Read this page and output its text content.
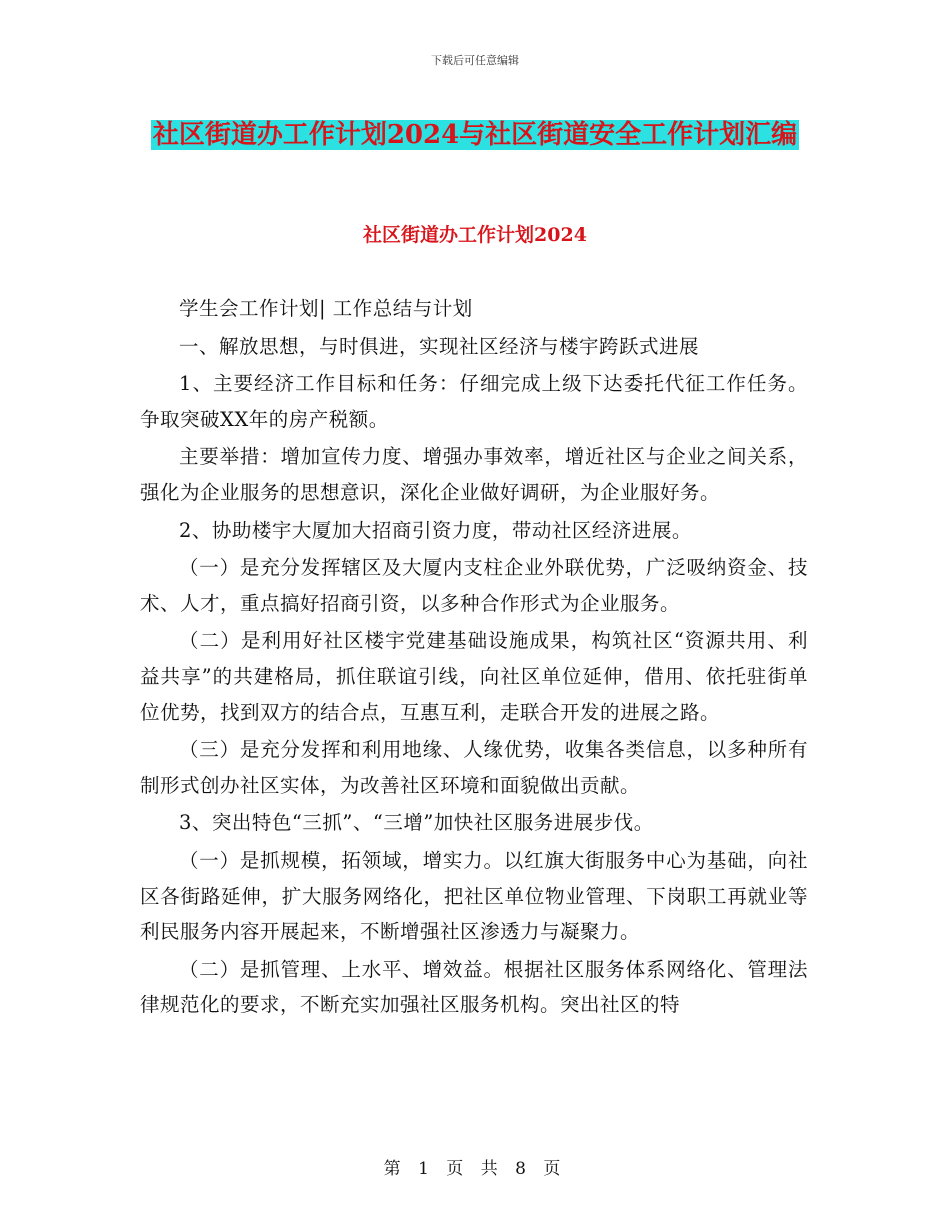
下载后可任意编辑
社区街道办工作计划2024与社区街道安全工作计划汇编
社区街道办工作计划2024

学生会工作计划| 工作总结与计划

一、解放思想，与时俱进，实现社区经济与楼宇跨跃式进展

1、主要经济工作目标和任务：仔细完成上级下达委托代征工作任务。争取突破XX年的房产税额。

主要举措：增加宣传力度、增强办事效率，增近社区与企业之间关系，强化为企业服务的思想意识，深化企业做好调研，为企业服好务。

2、协助楼宇大厦加大招商引资力度，带动社区经济进展。

（一）是充分发挥辖区及大厦内支柱企业外联优势，广泛吸纳资金、技术、人才，重点搞好招商引资，以多种合作形式为企业服务。

（二）是利用好社区楼宇党建基础设施成果，构筑社区“资源共用、利益共享”的共建格局，抓住联谊引线，向社区单位延伸，借用、依托驻街单位优势，找到双方的结合点，互惠互利，走联合开发的进展之路。

（三）是充分发挥和利用地缘、人缘优势，收集各类信息，以多种所有制形式创办社区实体，为改善社区环境和面貌做出贡献。

3、突出特色“三抓”、“三增”加快社区服务进展步伐。

（一）是抓规模，拓领域，增实力。以红旗大街服务中心为基础，向社区各街路延伸，扩大服务网络化，把社区单位物业管理、下岗职工再就业等利民服务内容开展起来，不断增强社区渗透力与凝聚力。

（二）是抓管理、上水平、增效益。根据社区服务体系网络化、管理法律规范化的要求，不断充实加强社区服务机构。突出社区的特

第 1 页 共 8 页
